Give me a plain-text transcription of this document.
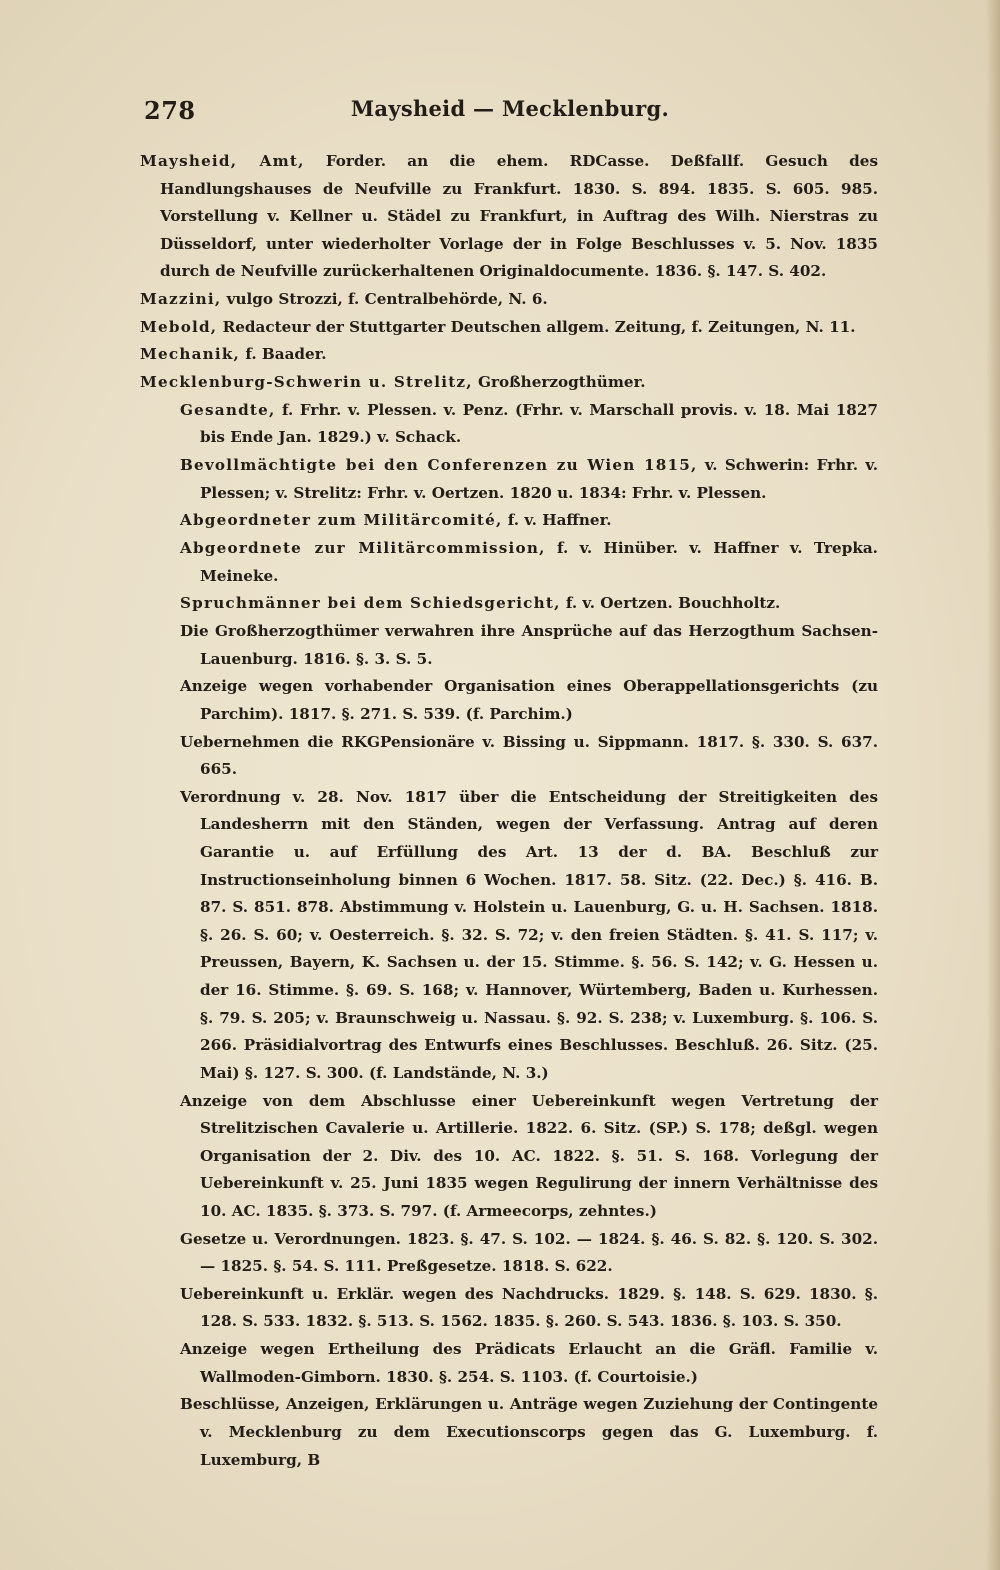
278	Maysheid — Mecklenburg.

Maysheid, Amt, Forder. an die ehem. RDCasse. Deßfallf. Gesuch des Handlungshauses de Neufville zu Frankfurt. 1830. S. 894. 1835. S. 605. 985. Vorstellung v. Kellner u. Städel zu Frankfurt, in Auftrag des Wilh. Nierstras zu Düsseldorf, unter wiederholter Vorlage der in Folge Beschlusses v. 5. Nov. 1835 durch de Neufville zurückerhaltenen Originaldocumente. 1836. §. 147. S. 402.

Mazzini, vulgo Strozzi, f. Centralbehörde, N. 6.

Mebold, Redacteur der Stuttgarter Deutschen allgem. Zeitung, f. Zeitungen, N. 11.

Mechanik, f. Baader.

Mecklenburg-Schwerin u. Strelitz, Großherzogthümer.

Gesandte, f. Frhr. v. Plessen. v. Penz. (Frhr. v. Marschall provis. v. 18. Mai 1827 bis Ende Jan. 1829.) v. Schack.

Bevollmächtigte bei den Conferenzen zu Wien 1815, v. Schwerin: Frhr. v. Plessen; v. Strelitz: Frhr. v. Oertzen. 1820 u. 1834: Frhr. v. Plessen.

Abgeordneter zum Militärcomité, f. v. Haffner.

Abgeordnete zur Militärcommission, f. v. Hinüber. v. Haffner v. Trepka. Meineke.

Spruchmänner bei dem Schiedsgericht, f. v. Oertzen. Bouchholtz.

Die Großherzogthümer verwahren ihre Ansprüche auf das Herzogthum Sachsen-Lauenburg. 1816. §. 3. S. 5.

Anzeige wegen vorhabender Organisation eines Oberappellationsgerichts (zu Parchim). 1817. §. 271. S. 539. (f. Parchim.)

Uebernehmen die RKGPensionäre v. Bissing u. Sippmann. 1817. §. 330. S. 637. 665.

Verordnung v. 28. Nov. 1817 über die Entscheidung der Streitigkeiten des Landesherrn mit den Ständen, wegen der Verfassung. Antrag auf deren Garantie u. auf Erfüllung des Art. 13 der d. BA. Beschluß zur Instructionseinholung binnen 6 Wochen. 1817. 58. Sitz. (22. Dec.) §. 416. B. 87. S. 851. 878. Abstimmung v. Holstein u. Lauenburg, G. u. H. Sachsen. 1818. §. 26. S. 60; v. Oesterreich. §. 32. S. 72; v. den freien Städten. §. 41. S. 117; v. Preussen, Bayern, K. Sachsen u. der 15. Stimme. §. 56. S. 142; v. G. Hessen u. der 16. Stimme. §. 69. S. 168; v. Hannover, Würtemberg, Baden u. Kurhessen. §. 79. S. 205; v. Braunschweig u. Nassau. §. 92. S. 238; v. Luxemburg. §. 106. S. 266. Präsidialvortrag des Entwurfs eines Beschlusses. Beschluß. 26. Sitz. (25. Mai) §. 127. S. 300. (f. Landstände, N. 3.)

Anzeige von dem Abschlusse einer Uebereinkunft wegen Vertretung der Strelitzischen Cavalerie u. Artillerie. 1822. 6. Sitz. (SP.) S. 178; deßgl. wegen Organisation der 2. Div. des 10. AC. 1822. §. 51. S. 168. Vorlegung der Uebereinkunft v. 25. Juni 1835 wegen Regulirung der innern Verhältnisse des 10. AC. 1835. §. 373. S. 797. (f. Armeecorps, zehntes.)

Gesetze u. Verordnungen. 1823. §. 47. S. 102. — 1824. §. 46. S. 82. §. 120. S. 302. — 1825. §. 54. S. 111. Preßgesetze. 1818. S. 622.

Uebereinkunft u. Erklär. wegen des Nachdrucks. 1829. §. 148. S. 629. 1830. §. 128. S. 533. 1832. §. 513. S. 1562. 1835. §. 260. S. 543. 1836. §. 103. S. 350.

Anzeige wegen Ertheilung des Prädicats Erlaucht an die Gräfl. Familie v. Wallmoden-Gimborn. 1830. §. 254. S. 1103. (f. Courtoisie.)

Beschlüsse, Anzeigen, Erklärungen u. Anträge wegen Zuziehung der Contingente v. Mecklenburg zu dem Executionscorps gegen das G. Luxemburg. f. Luxemburg, B
